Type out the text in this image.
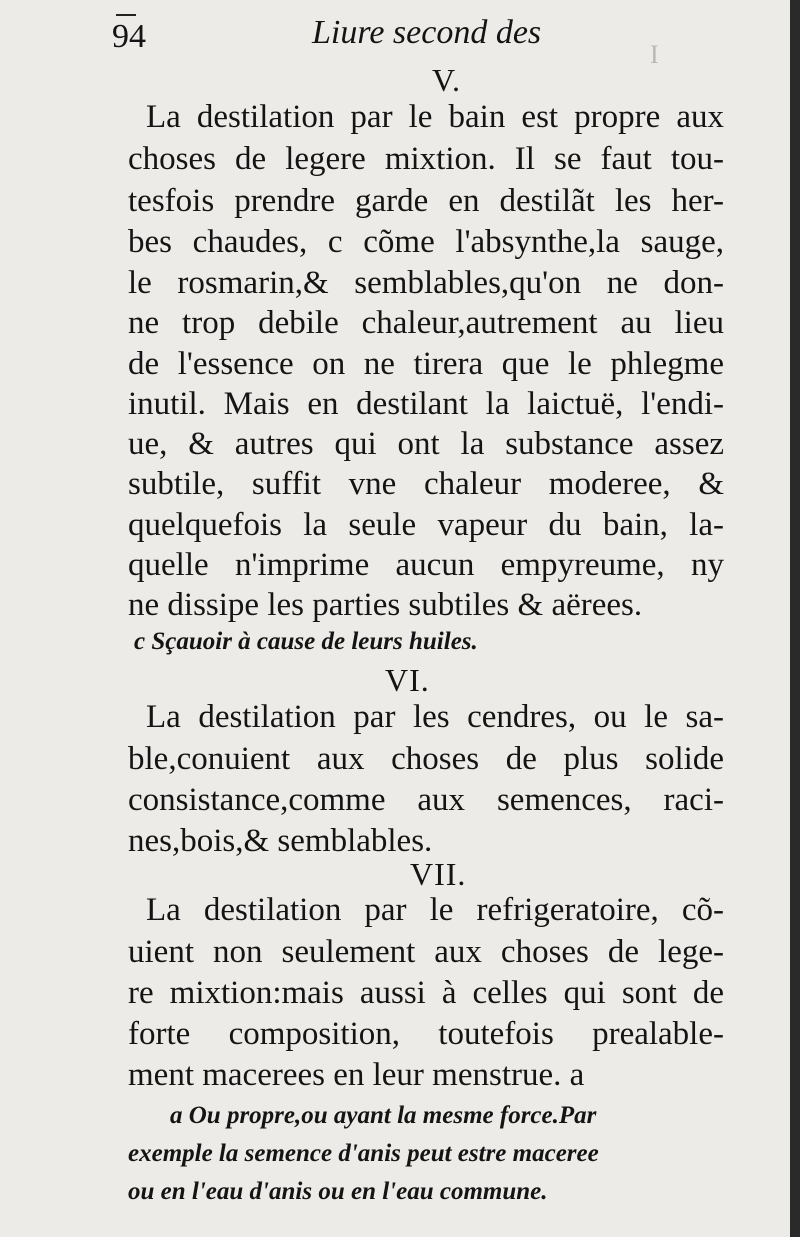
I
94	Liure second des
V.
La destilation par le bain est propre aux
choses de legere mixtion. Il se faut tou-
tesfois prendre garde en destilãt les her-
bes chaudes, c cõme l'absynthe,la sauge,
le rosmarin,& semblables,qu'on ne don-
ne trop debile chaleur,autrement au lieu
de l'essence on ne tirera que le phlegme
inutil. Mais en destilant la laictuë, l'endi-
ue, & autres qui ont la substance assez
subtile, suffit vne chaleur moderee, &
quelquefois la seule vapeur du bain, la-
quelle n'imprime aucun empyreume, ny
ne dissipe les parties subtiles & aërees.
c Sçauoir à cause de leurs huiles.
VI.
La destilation par les cendres, ou le sa-
ble,conuient aux choses de plus solide
consistance,comme aux semences, raci-
nes,bois,& semblables.
VII.
La destilation par le refrigeratoire, cõ-
uient non seulement aux choses de lege-
re mixtion:mais aussi à celles qui sont de
forte composition, toutefois prealable-
ment macerees en leur menstrue. a
a Ou propre,ou ayant la mesme force.Par
exemple la semence d'anis peut estre maceree
ou en l'eau d'anis ou en l'eau commune.
